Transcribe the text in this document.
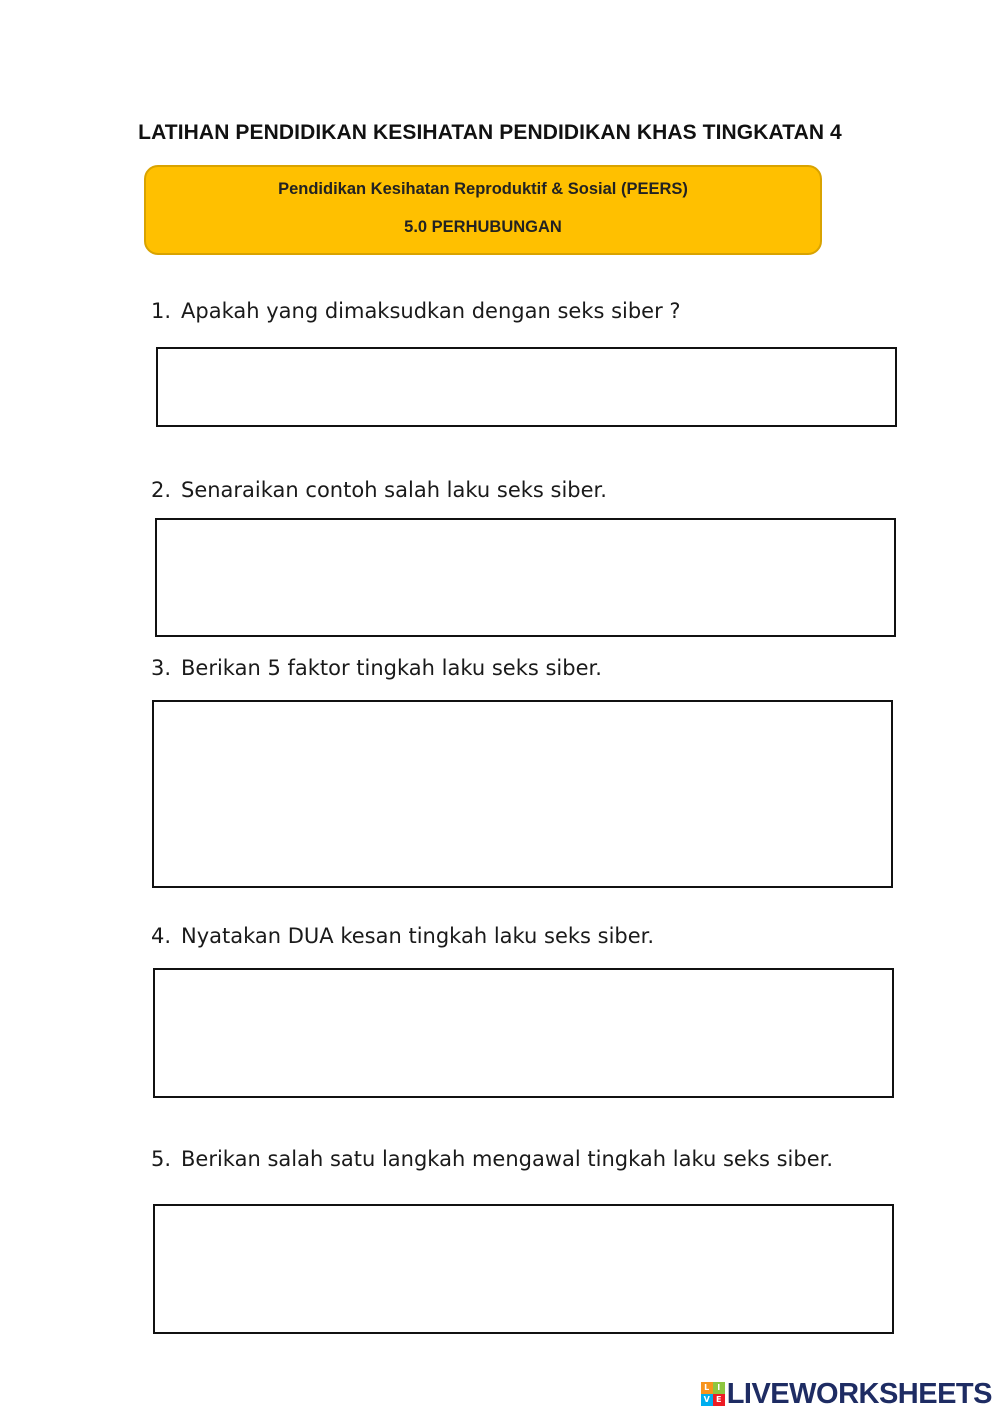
LATIHAN PENDIDIKAN KESIHATAN PENDIDIKAN KHAS TINGKATAN 4
Pendidikan Kesihatan Reproduktif & Sosial (PEERS)
5.0 PERHUBUNGAN
1. Apakah yang dimaksudkan dengan seks siber ?
2. Senaraikan contoh salah laku seks siber.
3. Berikan 5 faktor tingkah laku seks siber.
4. Nyatakan DUA kesan tingkah laku seks siber.
5. Berikan salah satu langkah mengawal tingkah laku seks siber.
L I
V E LIVEWORKSHEETS
